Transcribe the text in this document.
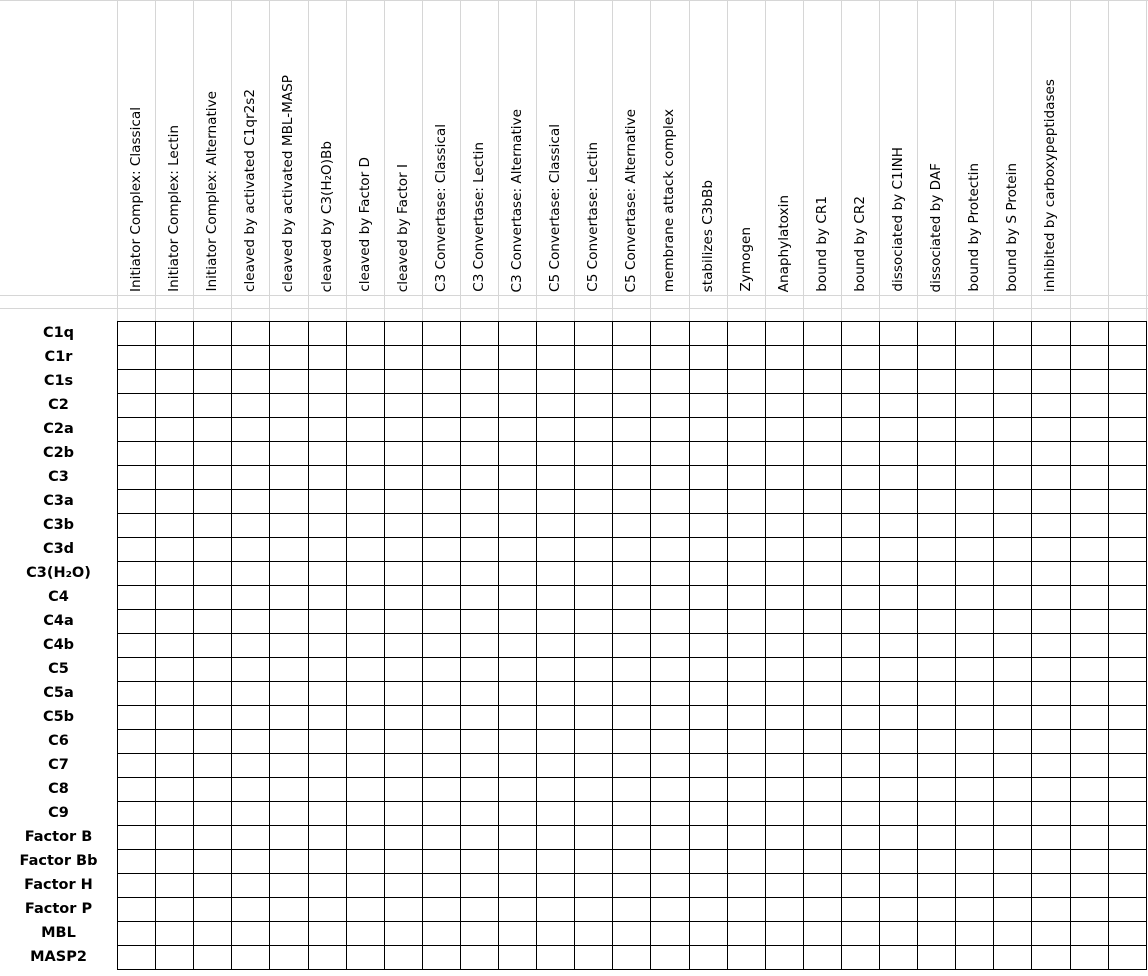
Initiator Complex: Classical	Initiator Complex: Lectin	Initiator Complex: Alternative	cleaved by activated C1qr2s2	cleaved by activated MBL-MASP	cleaved by C3(H₂O)Bb	cleaved by Factor D	cleaved by Factor I	C3 Convertase: Classical	C3 Convertase: Lectin	C3 Convertase: Alternative	C5 Convertase: Classical	C5 Convertase: Lectin	C5 Convertase: Alternative	membrane attack complex	stabilizes C3bBb	Zymogen	Anaphylatoxin	bound by CR1	bound by CR2	dissociated by C1INH	dissociated by DAF	bound by Protectin	bound by S Protein	inhibited by carboxypeptidases
C1q
C1r
C1s
C2
C2a
C2b
C3
C3a
C3b
C3d
C3(H₂O)
C4
C4a
C4b
C5
C5a
C5b
C6
C7
C8
C9
Factor B
Factor Bb
Factor H
Factor P
MBL
MASP2
